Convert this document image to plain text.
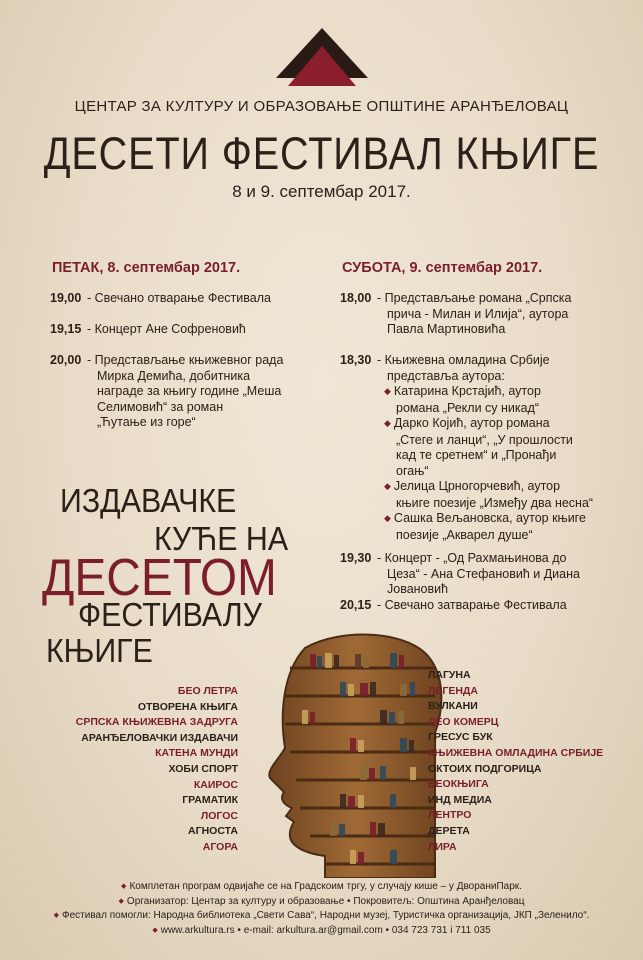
ЦЕНТАР ЗА КУЛТУРУ И ОБРАЗОВАЊЕ ОПШТИНЕ АРАНЂЕЛОВАЦ
ДЕСЕТИ ФЕСТИВАЛ КЊИГЕ
8 и 9. септембар 2017.
ПЕТАК, 8. септембар 2017.
19,00 - Свечано отварање Фестивала
19,15 - Концерт Ане Софреновић
20,00 - Представљање књижевног рада
Мирка Демића, добитника
награде за књигу године „Меша
Селимовић“ за роман
„Ћутање из горе“
СУБОТА, 9. септембар 2017.
18,00 - Представљање романа „Српска
прича - Милан и Илија“, аутора
Павла Мартиновића
18,30 - Књижевна омладина Србије
представља аутора:
◆ Катарина Крстајић, аутор
романа „Рекли су никад“
◆ Дарко Којић, аутор романа
„Стеге и ланци“, „У прошлости
кад те сретнем“ и „Пронађи
огањ“
◆ Јелица Црногорчевић, аутор
књиге поезије „Између два несна“
◆ Сашка Вељановска, аутор књиге
поезије „Акварел душе“
19,30 - Концерт - „Од Рахмањинова до
Цеза“ - Ана Стефановић и Диана
Јовановић
20,15 - Свечано затварање Фестивала
ИЗДАВАЧКЕ
КУЋЕ НА
ДЕСЕТОМ
ФЕСТИВАЛУ
КЊИГЕ
БЕО ЛЕТРА
ОТВОРЕНА КЊИГА
СРПСКА КЊИЖЕВНА ЗАДРУГА
АРАНЂЕЛОВАЧКИ ИЗДАВАЧИ
КАТЕНА МУНДИ
ХОБИ СПОРТ
КАИРОС
ГРАМАТИК
ЛОГОС
АГНОСТА
АГОРА
ЛАГУНА
ЛЕГЕНДА
ВУЛКАНИ
ЛЕО КОМЕРЦ
ГРЕСУС БУК
КЊИЖЕВНА ОМЛАДИНА СРБИЈЕ
ОКТОИХ ПОДГОРИЦА
БЕОКЊИГА
ИНД МЕДИА
ЛЕНТРО
ДЕРЕТА
ЛИРА
◆ Комплетан програм одвијаће се на Градскоим тргу, у случају кише – у ДворaниПарк.
◆ Организатор: Центар за културу и образовање • Покровитељ: Општина Аранђеловац
◆ Фестивал помогли: Народна библиотека „Свети Сава“, Народни музеј, Туристичка организација, ЈКП „Зеленило“.
◆ www.arkultura.rs • e-mail: arkultura.ar@gmail.com • 034 723 731 i 711 035
